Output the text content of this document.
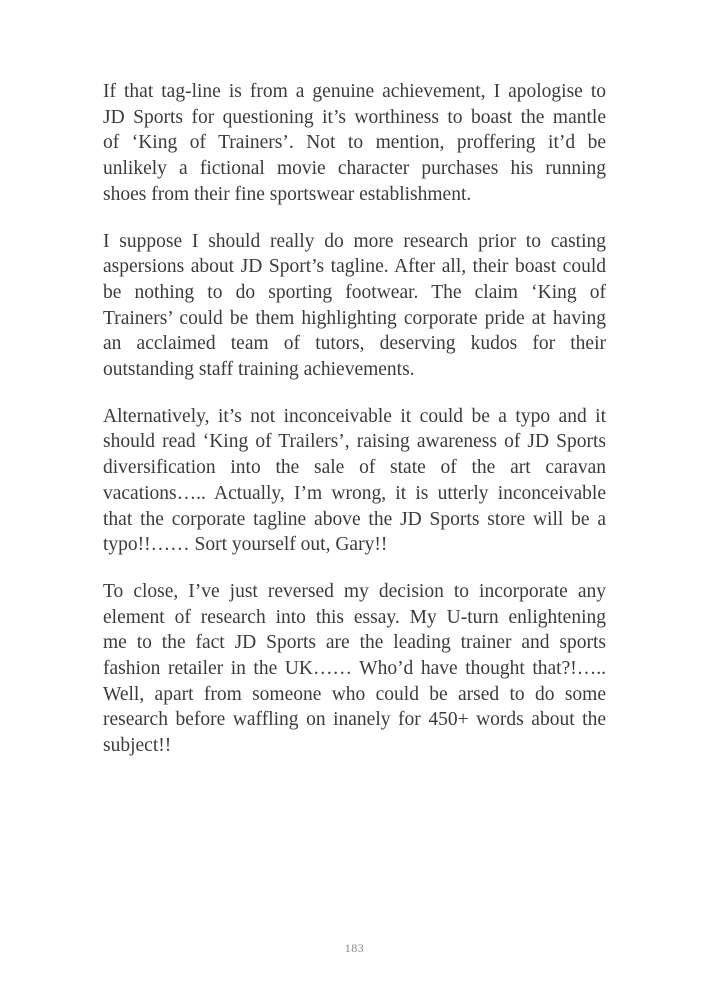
If that tag-line is from a genuine achievement, I apologise to
JD Sports for questioning it’s worthiness to boast the mantle
of ‘King of Trainers’. Not to mention, proffering it’d be
unlikely a fictional movie character purchases his running
shoes from their fine sportswear establishment.

I suppose I should really do more research prior to casting
aspersions about JD Sport’s tagline. After all, their boast could
be nothing to do sporting footwear. The claim ‘King of
Trainers’ could be them highlighting corporate pride at having
an acclaimed team of tutors, deserving kudos for their
outstanding staff training achievements.

Alternatively, it’s not inconceivable it could be a typo and it
should read ‘King of Trailers’, raising awareness of JD Sports
diversification into the sale of state of the art caravan
vacations….. Actually, I’m wrong, it is utterly inconceivable
that the corporate tagline above the JD Sports store will be a
typo!!…… Sort yourself out, Gary!!

To close, I’ve just reversed my decision to incorporate any
element of research into this essay. My U-turn enlightening
me to the fact JD Sports are the leading trainer and sports
fashion retailer in the UK…… Who’d have thought that?!…..
Well, apart from someone who could be arsed to do some
research before waffling on inanely for 450+ words about the
subject!!

183
